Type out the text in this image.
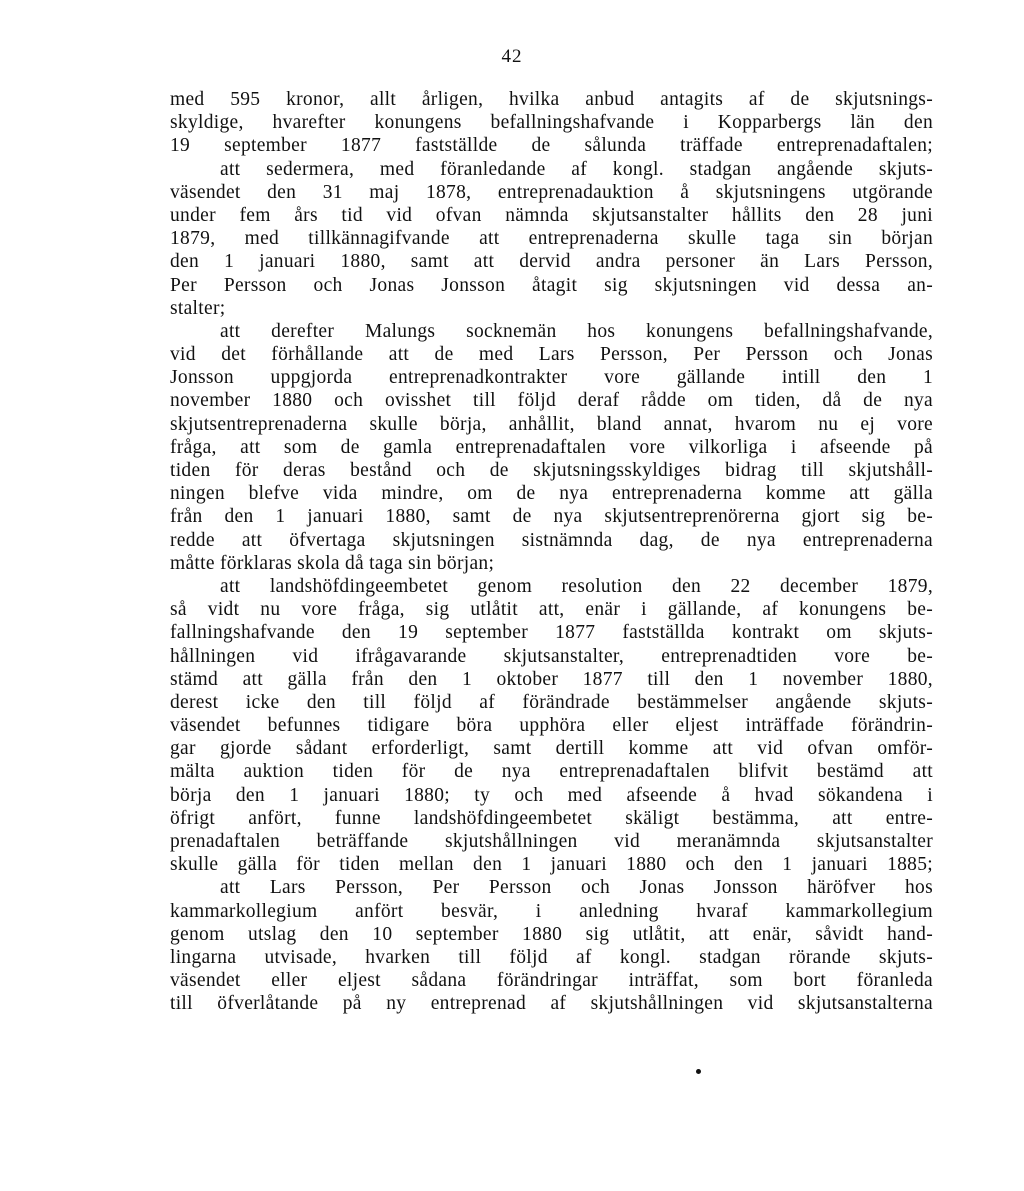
42
med 595 kronor, allt årligen, hvilka anbud antagits af de skjutsnings-
skyldige, hvarefter konungens befallningshafvande i Kopparbergs län den
19 september 1877 fastställde de sålunda träffade entreprenadaftalen;
att sedermera, med föranledande af kongl. stadgan angående skjuts-
väsendet den 31 maj 1878, entreprenadauktion å skjutsningens utgörande
under fem års tid vid ofvan nämnda skjutsanstalter hållits den 28 juni
1879, med tillkännagifvande att entreprenaderna skulle taga sin början
den 1 januari 1880, samt att dervid andra personer än Lars Persson,
Per Persson och Jonas Jonsson åtagit sig skjutsningen vid dessa an-
stalter;
att derefter Malungs socknemän hos konungens befallningshafvande,
vid det förhållande att de med Lars Persson, Per Persson och Jonas
Jonsson uppgjorda entreprenadkontrakter vore gällande intill den 1
november 1880 och ovisshet till följd deraf rådde om tiden, då de nya
skjutsentreprenaderna skulle börja, anhållit, bland annat, hvarom nu ej vore
fråga, att som de gamla entreprenadaftalen vore vilkorliga i afseende på
tiden för deras bestånd och de skjutsningsskyldiges bidrag till skjutshåll-
ningen blefve vida mindre, om de nya entreprenaderna komme att gälla
från den 1 januari 1880, samt de nya skjutsentreprenörerna gjort sig be-
redde att öfvertaga skjutsningen sistnämnda dag, de nya entreprenaderna
måtte förklaras skola då taga sin början;
att landshöfdingeembetet genom resolution den 22 december 1879,
så vidt nu vore fråga, sig utlåtit att, enär i gällande, af konungens be-
fallningshafvande den 19 september 1877 fastställda kontrakt om skjuts-
hållningen vid ifrågavarande skjutsanstalter, entreprenadtiden vore be-
stämd att gälla från den 1 oktober 1877 till den 1 november 1880,
derest icke den till följd af förändrade bestämmelser angående skjuts-
väsendet befunnes tidigare böra upphöra eller eljest inträffade förändrin-
gar gjorde sådant erforderligt, samt dertill komme att vid ofvan omför-
mälta auktion tiden för de nya entreprenadaftalen blifvit bestämd att
börja den 1 januari 1880; ty och med afseende å hvad sökandena i
öfrigt anfört, funne landshöfdingeembetet skäligt bestämma, att entre-
prenadaftalen beträffande skjutshållningen vid meranämnda skjutsanstalter
skulle gälla för tiden mellan den 1 januari 1880 och den 1 januari 1885;
att Lars Persson, Per Persson och Jonas Jonsson häröfver hos
kammarkollegium anfört besvär, i anledning hvaraf kammarkollegium
genom utslag den 10 september 1880 sig utlåtit, att enär, såvidt hand-
lingarna utvisade, hvarken till följd af kongl. stadgan rörande skjuts-
väsendet eller eljest sådana förändringar inträffat, som bort föranleda
till öfverlåtande på ny entreprenad af skjutshållningen vid skjutsanstalterna
